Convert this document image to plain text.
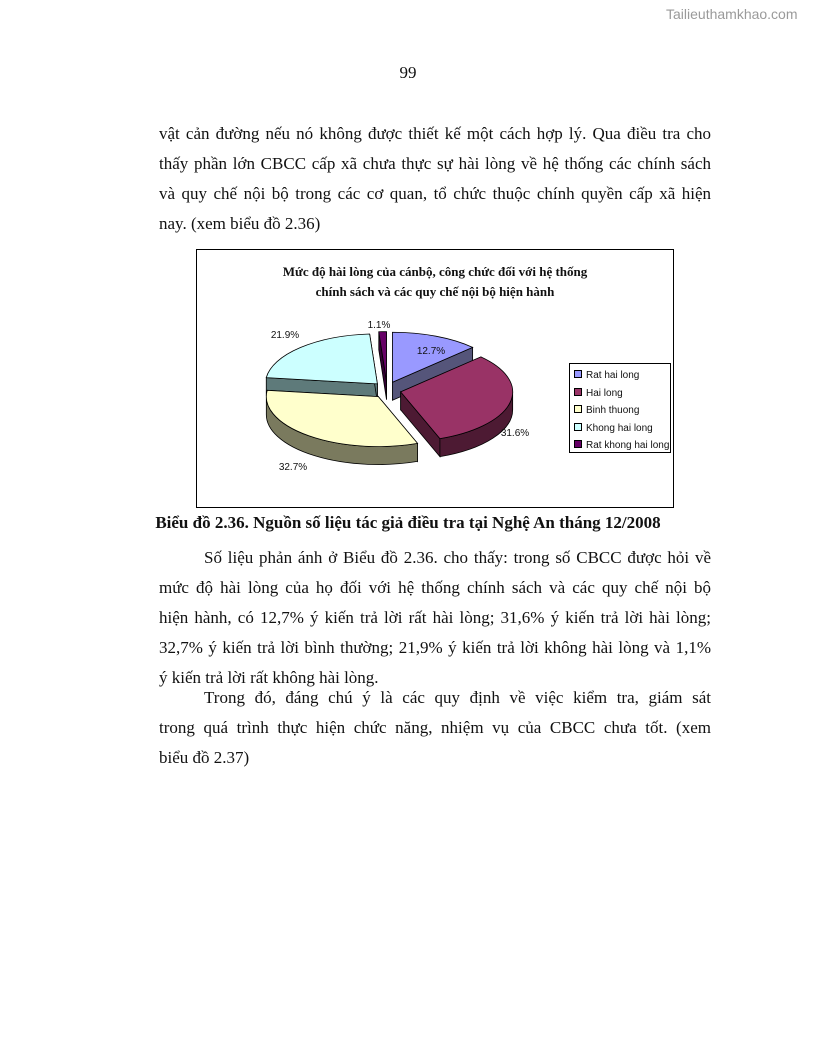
Tailieuthamkhao.com
99
vật cản đường nếu nó không được thiết kế một cách hợp lý. Qua điều tra cho
thấy phần lớn CBCC cấp xã chưa thực sự hài lòng về hệ thống các chính sách
và quy chế nội bộ trong các cơ quan, tổ chức thuộc chính quyền cấp xã hiện
nay. (xem biểu đồ 2.36)
Mức độ hài lòng của cánbộ, công chức đối với hệ thống
chính sách và các quy chế nội bộ hiện hành
12.7%
31.6%
32.7%
21.9%
1.1%
Rat hai long
Hai long
Binh thuong
Khong hai long
Rat khong hai long
Biểu đồ 2.36. Nguồn số liệu tác giả điều tra tại Nghệ An tháng 12/2008
Số liệu phản ánh ở Biểu đồ 2.36. cho thấy: trong số CBCC được hỏi về
mức độ hài lòng của họ đối với hệ thống chính sách và các quy chế nội bộ
hiện hành, có 12,7% ý kiến trả lời rất hài lòng; 31,6% ý kiến trả lời hài lòng;
32,7% ý kiến trả lời bình thường; 21,9% ý kiến trả lời không hài lòng và 1,1%
ý kiến trả lời rất không hài lòng.
Trong đó, đáng chú ý là các quy định về việc kiểm tra, giám sát
trong quá trình thực hiện chức năng, nhiệm vụ của CBCC chưa tốt. (xem
biểu đồ 2.37)
